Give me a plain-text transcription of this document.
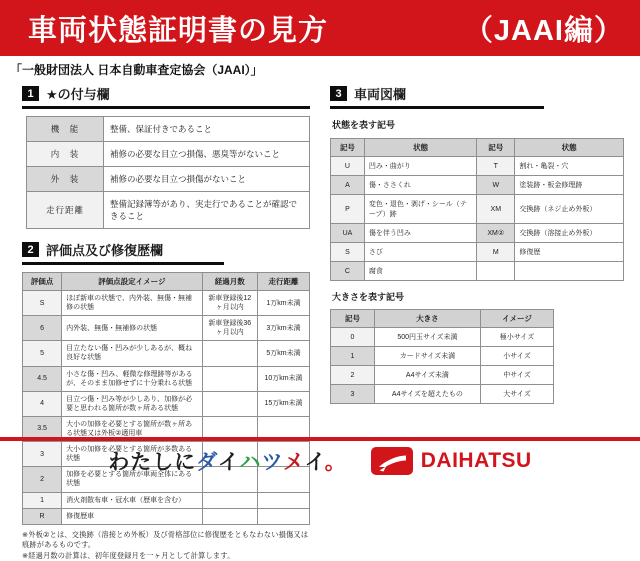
車両状態証明書の見方	（JAAI編）
「一般財団法人 日本自動車査定協会（JAAI）」
1 ★の付与欄
機　能	整備、保証付きであること
内　装	補修の必要な目立つ損傷、悪臭等がないこと
外　装	補修の必要な目立つ損傷がないこと
走行距離	整備記録簿等があり、実走行であることが確認できること
2 評価点及び修復歴欄
評価点	評価点設定イメージ	経過月数	走行距離
S	ほぼ新車の状態で、内外装、無傷・無補修の状態	新車登録後12ヶ月以内	1万km未満
6	内外装、無傷・無補修の状態	新車登録後36ヶ月以内	3万km未満
5	目立たない傷・凹みが少しあるが、概ね良好な状態		5万km未満
4.5	小さな傷・凹み、軽微な修理跡等があるが、そのまま加修せずに十分乗れる状態		10万km未満
4	目立つ傷・凹み等が少しあり、加修が必要と思われる箇所が数ヶ所ある状態		15万km未満
3.5	大小の加修を必要とする箇所が数ヶ所ある状態又は外板②適用車		
3	大小の加修を必要とする箇所が多数ある状態		
2	加修を必要とする箇所が車両全体にある状態		
1	消火剤散布車・冠水車（歴車を含む）		
R	修復歴車		
※外板②とは、交換跡（溶接とめ外板）及び骨格部位に修復歴をともなわない損傷又は痕跡があるものです。
※経過月数の計算は、初年度登録月を一ヶ月として計算します。
3 車両図欄
状態を表す記号
記号	状態	記号	状態
U	凹み・曲がり	T	割れ・亀裂・穴
A	傷・ささくれ	W	塗装跡・板金修理跡
P	変色・退色・剥げ・シール（テープ）跡	XM	交換跡（ネジ止め外板）
UA	傷を伴う凹み	XM②	交換跡（溶接止め外板）
S	さび	M	修復歴
C	腐食		
大きさを表す記号
記号	大きさ	イメージ
0	500円玉サイズ未満	極小サイズ
1	カードサイズ未満	小サイズ
2	A4サイズ未満	中サイズ
3	A4サイズを超えたもの	大サイズ
わたしにダイハツメイ。	DAIHATSU
